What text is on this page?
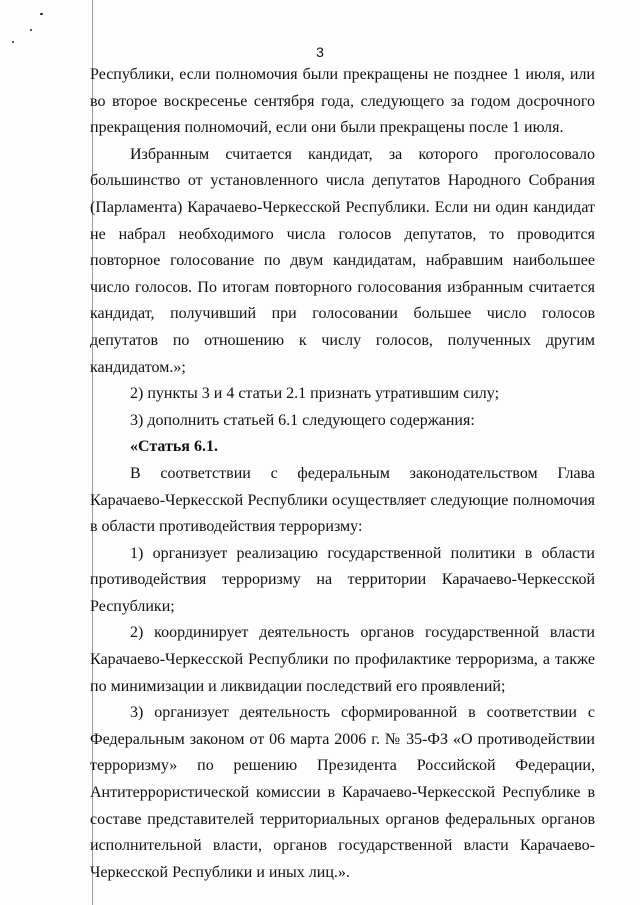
3

Республики, если полномочия были прекращены не позднее 1 июля, или во второе воскресенье сентября года, следующего за годом досрочного прекращения полномочий, если они были прекращены после 1 июля.

Избранным считается кандидат, за которого проголосовало большинство от установленного числа депутатов Народного Собрания (Парламента) Карачаево-Черкесской Республики. Если ни один кандидат не набрал необходимого числа голосов депутатов, то проводится повторное голосование по двум кандидатам, набравшим наибольшее число голосов. По итогам повторного голосования избранным считается кандидат, получивший при голосовании большее число голосов депутатов по отношению к числу голосов, полученных другим кандидатом.»;

2) пункты 3 и 4 статьи 2.1 признать утратившим силу;

3) дополнить статьей 6.1 следующего содержания:

«Статья 6.1.

В соответствии с федеральным законодательством Глава Карачаево-Черкесской Республики осуществляет следующие полномочия в области противодействия терроризму:

1) организует реализацию государственной политики в области противодействия терроризму на территории Карачаево-Черкесской Республики;

2) координирует деятельность органов государственной власти Карачаево-Черкесской Республики по профилактике терроризма, а также по минимизации и ликвидации последствий его проявлений;

3) организует деятельность сформированной в соответствии с Федеральным законом от 06 марта 2006 г. № 35-ФЗ «О противодействии терроризму» по решению Президента Российской Федерации, Антитеррористической комиссии в Карачаево-Черкесской Республике в составе представителей территориальных органов федеральных органов исполнительной власти, органов государственной власти Карачаево-Черкесской Республики и иных лиц.».
